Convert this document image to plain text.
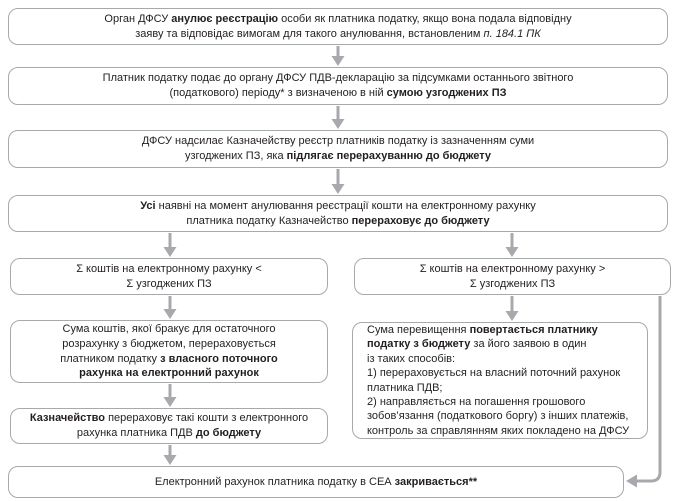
Орган ДФСУ анулює реєстрацію особи як платника податку, якщо вона подала відповідну
заяву та відповідає вимогам для такого анулювання, встановленим п. 184.1 ПК
Платник податку подає до органу ДФСУ ПДВ-декларацію за підсумками останнього звітного
(податкового) періоду* з визначеною в ній сумою узгоджених ПЗ
ДФСУ надсилає Казначейству реєстр платників податку із зазначенням суми
узгоджених ПЗ, яка підлягає перерахуванню до бюджету
Усі наявні на момент анулювання реєстрації кошти на електронному рахунку
платника податку Казначейство перераховує до бюджету
Σ коштів на електронному рахунку <
Σ узгоджених ПЗ
Σ коштів на електронному рахунку >
Σ узгоджених ПЗ
Сума коштів, якої бракує для остаточного
розрахунку з бюджетом, перераховується
платником податку з власного поточного
рахунка на електронний рахунок
Сума перевищення повертається платнику
податку з бюджету за його заявою в один
із таких способів:
1) перераховується на власний поточний рахунок
платника ПДВ;
2) направляється на погашення грошового
зобов’язання (податкового боргу) з інших платежів,
контроль за справлянням яких покладено на ДФСУ
Казначейство перераховує такі кошти з електронного
рахунка платника ПДВ до бюджету
Електронний рахунок платника податку в СЕА закривається**
